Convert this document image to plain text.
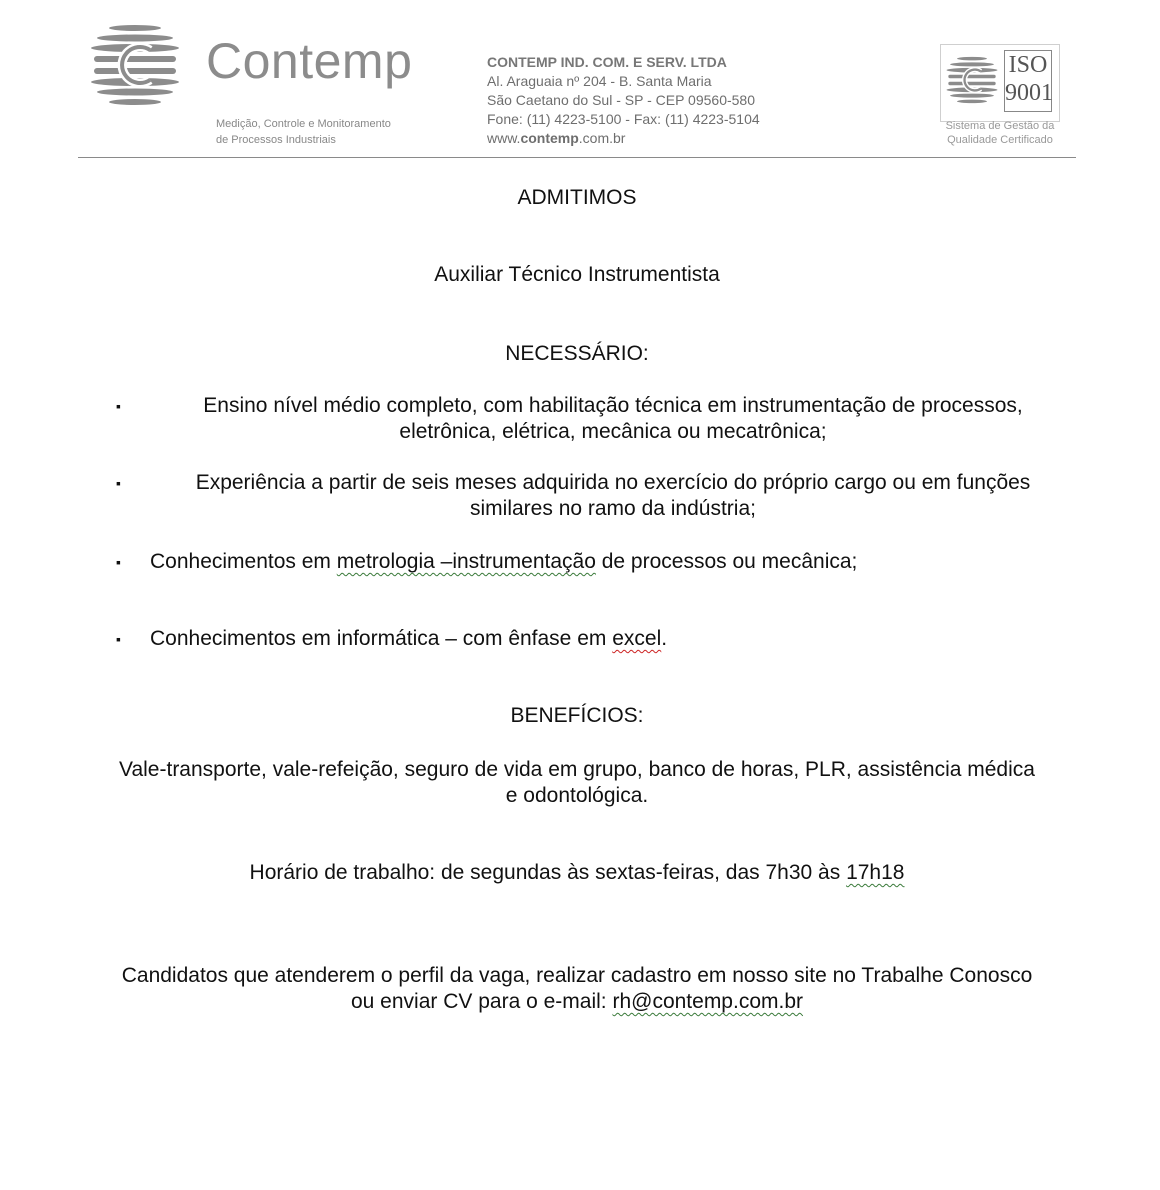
Contemp
Medição, Controle e Monitoramento
de Processos Industriais
CONTEMP IND. COM. E SERV. LTDA
Al. Araguaia nº 204 - B. Santa Maria
São Caetano do Sul - SP - CEP 09560-580
Fone: (11) 4223-5100 - Fax: (11) 4223-5104
www.contemp.com.br
ISO
9001
Sistema de Gestão da
Qualidade Certificado
ADMITIMOS
Auxiliar Técnico Instrumentista
NECESSÁRIO:
▪	Ensino nível médio completo, com habilitação técnica em instrumentação de processos,
eletrônica, elétrica, mecânica ou mecatrônica;
▪	Experiência a partir de seis meses adquirida no exercício do próprio cargo ou em funções
similares no ramo da indústria;
▪ Conhecimentos em metrologia –instrumentação de processos ou mecânica;
▪ Conhecimentos em informática – com ênfase em excel.
BENEFÍCIOS:
Vale-transporte, vale-refeição, seguro de vida em grupo, banco de horas, PLR, assistência médica
e odontológica.
Horário de trabalho: de segundas às sextas-feiras, das 7h30 às 17h18
Candidatos que atenderem o perfil da vaga, realizar cadastro em nosso site no Trabalhe Conosco
ou enviar CV para o e-mail: rh@contemp.com.br
